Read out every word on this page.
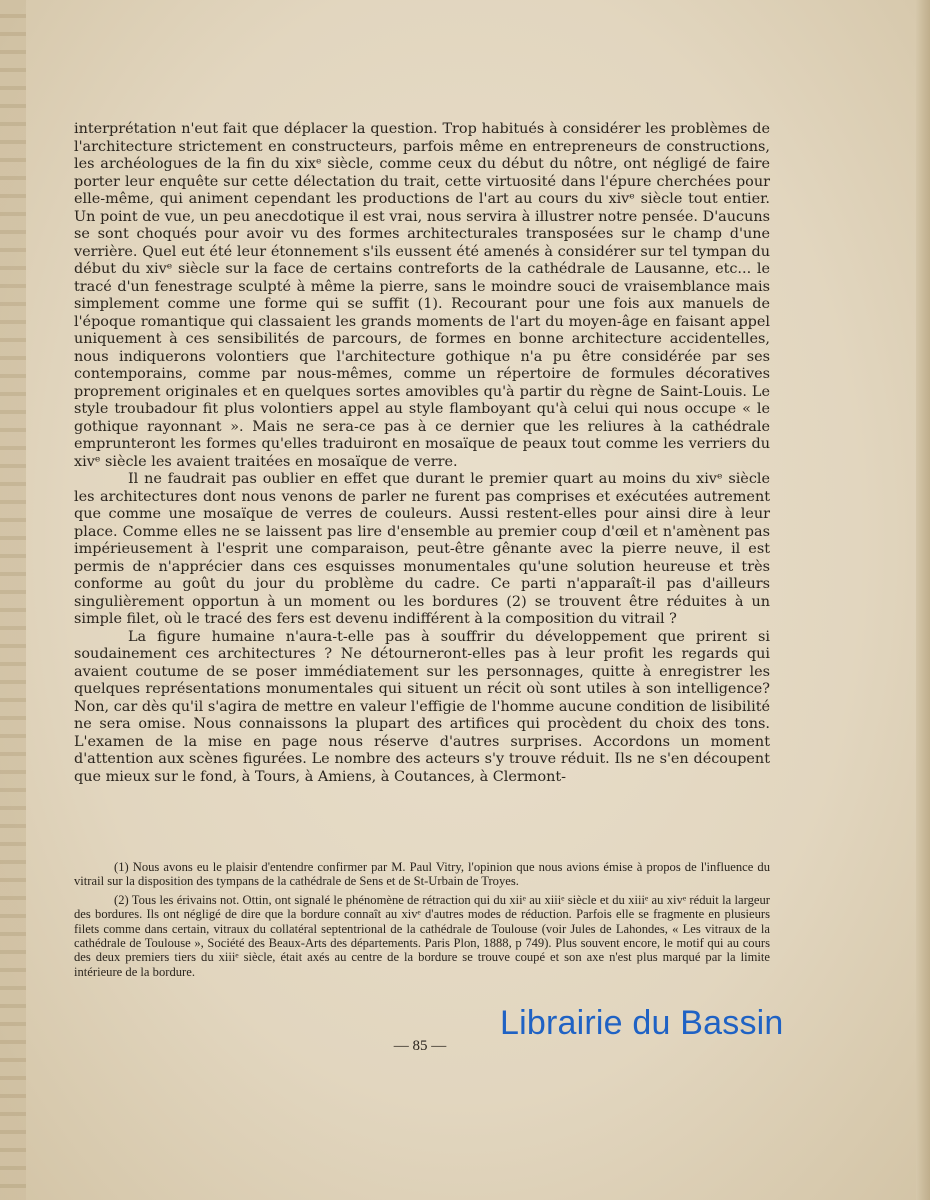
interprétation n'eut fait que déplacer la question. Trop habitués à considérer les problèmes de l'architecture strictement en constructeurs, parfois même en entrepreneurs de constructions, les archéologues de la fin du xixᵉ siècle, comme ceux du début du nôtre, ont négligé de faire porter leur enquête sur cette délectation du trait, cette virtuosité dans l'épure cherchées pour elle-même, qui animent cependant les productions de l'art au cours du xivᵉ siècle tout entier. Un point de vue, un peu anecdotique il est vrai, nous servira à illustrer notre pensée. D'aucuns se sont choqués pour avoir vu des formes architecturales transposées sur le champ d'une verrière. Quel eut été leur étonnement s'ils eussent été amenés à considérer sur tel tympan du début du xivᵉ siècle sur la face de certains contreforts de la cathédrale de Lausanne, etc... le tracé d'un fenestrage sculpté à même la pierre, sans le moindre souci de vraisemblance mais simplement comme une forme qui se suffit (1). Recourant pour une fois aux manuels de l'époque romantique qui classaient les grands moments de l'art du moyen-âge en faisant appel uniquement à ces sensibilités de parcours, de formes en bonne architecture accidentelles, nous indiquerons volontiers que l'architecture gothique n'a pu être considérée par ses contemporains, comme par nous-mêmes, comme un répertoire de formules décoratives proprement originales et en quelques sortes amovibles qu'à partir du règne de Saint-Louis. Le style troubadour fit plus volontiers appel au style flamboyant qu'à celui qui nous occupe « le gothique rayonnant ». Mais ne sera-ce pas à ce dernier que les reliures à la cathédrale emprunteront les formes qu'elles traduiront en mosaïque de peaux tout comme les verriers du xivᵉ siècle les avaient traitées en mosaïque de verre.

Il ne faudrait pas oublier en effet que durant le premier quart au moins du xivᵉ siècle les architectures dont nous venons de parler ne furent pas comprises et exécutées autrement que comme une mosaïque de verres de couleurs. Aussi restent-elles pour ainsi dire à leur place. Comme elles ne se laissent pas lire d'ensemble au premier coup d'œil et n'amènent pas impérieusement à l'esprit une comparaison, peut-être gênante avec la pierre neuve, il est permis de n'apprécier dans ces esquisses monumentales qu'une solution heureuse et très conforme au goût du jour du problème du cadre. Ce parti n'apparaît-il pas d'ailleurs singulièrement opportun à un moment ou les bordures (2) se trouvent être réduites à un simple filet, où le tracé des fers est devenu indifférent à la composition du vitrail ?

La figure humaine n'aura-t-elle pas à souffrir du développement que prirent si soudainement ces architectures ? Ne détourneront-elles pas à leur profit les regards qui avaient coutume de se poser immédiatement sur les personnages, quitte à enregistrer les quelques représentations monumentales qui situent un récit où sont utiles à son intelligence? Non, car dès qu'il s'agira de mettre en valeur l'effigie de l'homme aucune condition de lisibilité ne sera omise. Nous connaissons la plupart des artifices qui procèdent du choix des tons. L'examen de la mise en page nous réserve d'autres surprises. Accordons un moment d'attention aux scènes figurées. Le nombre des acteurs s'y trouve réduit. Ils ne s'en découpent que mieux sur le fond, à Tours, à Amiens, à Coutances, à Clermont-

(1) Nous avons eu le plaisir d'entendre confirmer par M. Paul Vitry, l'opinion que nous avions émise à propos de l'influence du vitrail sur la disposition des tympans de la cathédrale de Sens et de St-Urbain de Troyes.

(2) Tous les érivains not. Ottin, ont signalé le phénomène de rétraction qui du xiiᵉ au xiiiᵉ siècle et du xiiiᵉ au xivᵉ réduit la largeur des bordures. Ils ont négligé de dire que la bordure connaît au xivᵉ d'autres modes de réduction. Parfois elle se fragmente en plusieurs filets comme dans certain, vitraux du collatéral septentrional de la cathédrale de Toulouse (voir Jules de Lahondes, « Les vitraux de la cathédrale de Toulouse », Société des Beaux-Arts des départements. Paris Plon, 1888, p 749). Plus souvent encore, le motif qui au cours des deux premiers tiers du xiiiᵉ siècle, était axés au centre de la bordure se trouve coupé et son axe n'est plus marqué par la limite intérieure de la bordure.

Librairie du Bassin
— 85 —
